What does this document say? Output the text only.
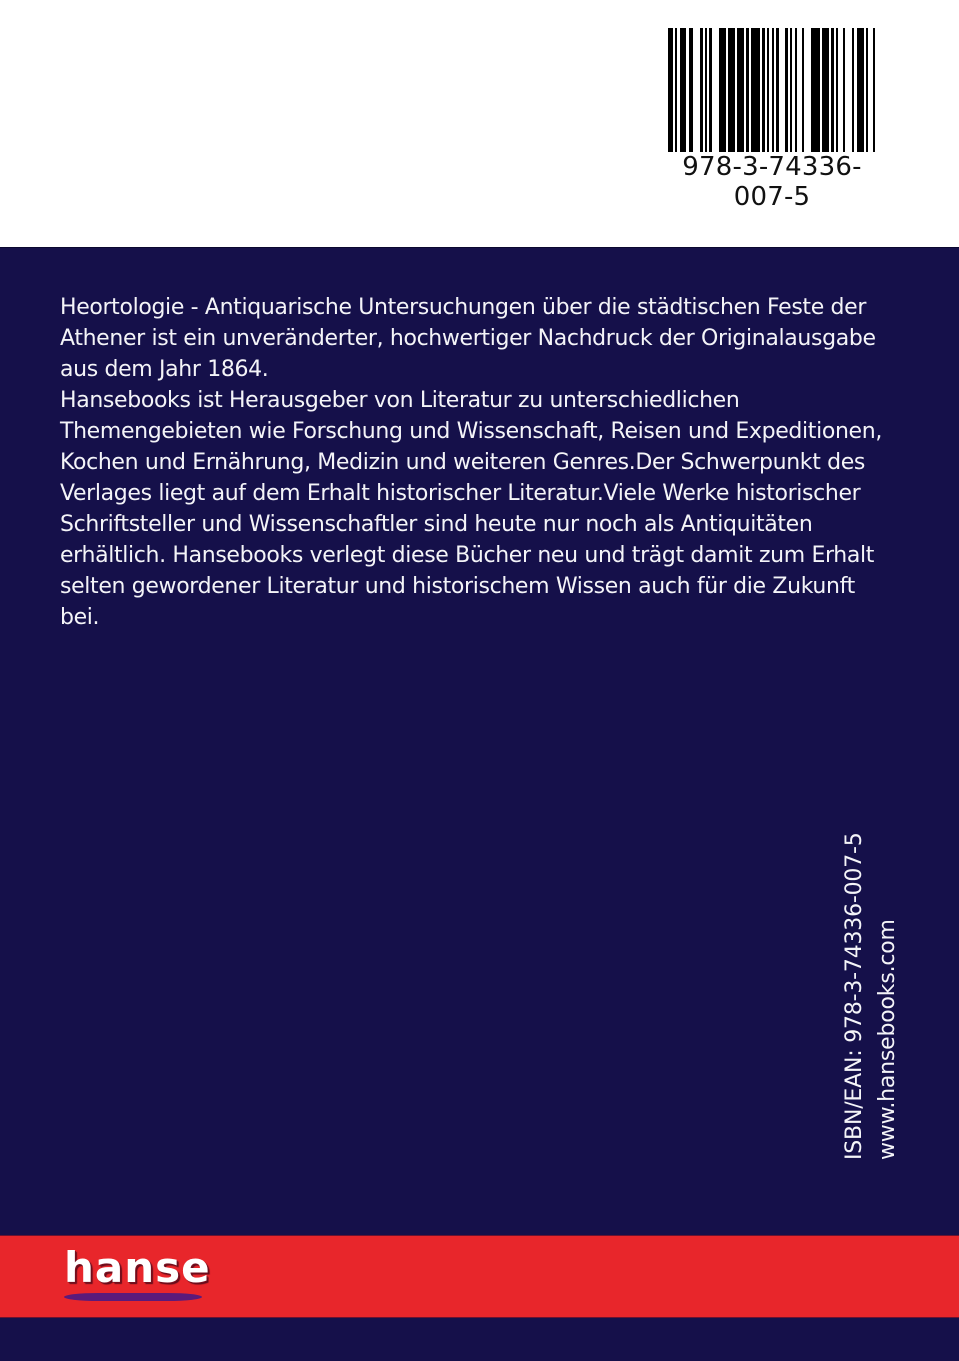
978-3-74336-007-5
Heortologie - Antiquarische Untersuchungen über die städtischen Feste der
Athener ist ein unveränderter, hochwertiger Nachdruck der Originalausgabe
aus dem Jahr 1864.
Hansebooks ist Herausgeber von Literatur zu unterschiedlichen
Themengebieten wie Forschung und Wissenschaft, Reisen und Expeditionen,
Kochen und Ernährung, Medizin und weiteren Genres.Der Schwerpunkt des
Verlages liegt auf dem Erhalt historischer Literatur.Viele Werke historischer
Schriftsteller und Wissenschaftler sind heute nur noch als Antiquitäten
erhältlich. Hansebooks verlegt diese Bücher neu und trägt damit zum Erhalt
selten gewordener Literatur und historischem Wissen auch für die Zukunft
bei.
ISBN/EAN: 978-3-74336-007-5 www.hansebooks.com
hanse
